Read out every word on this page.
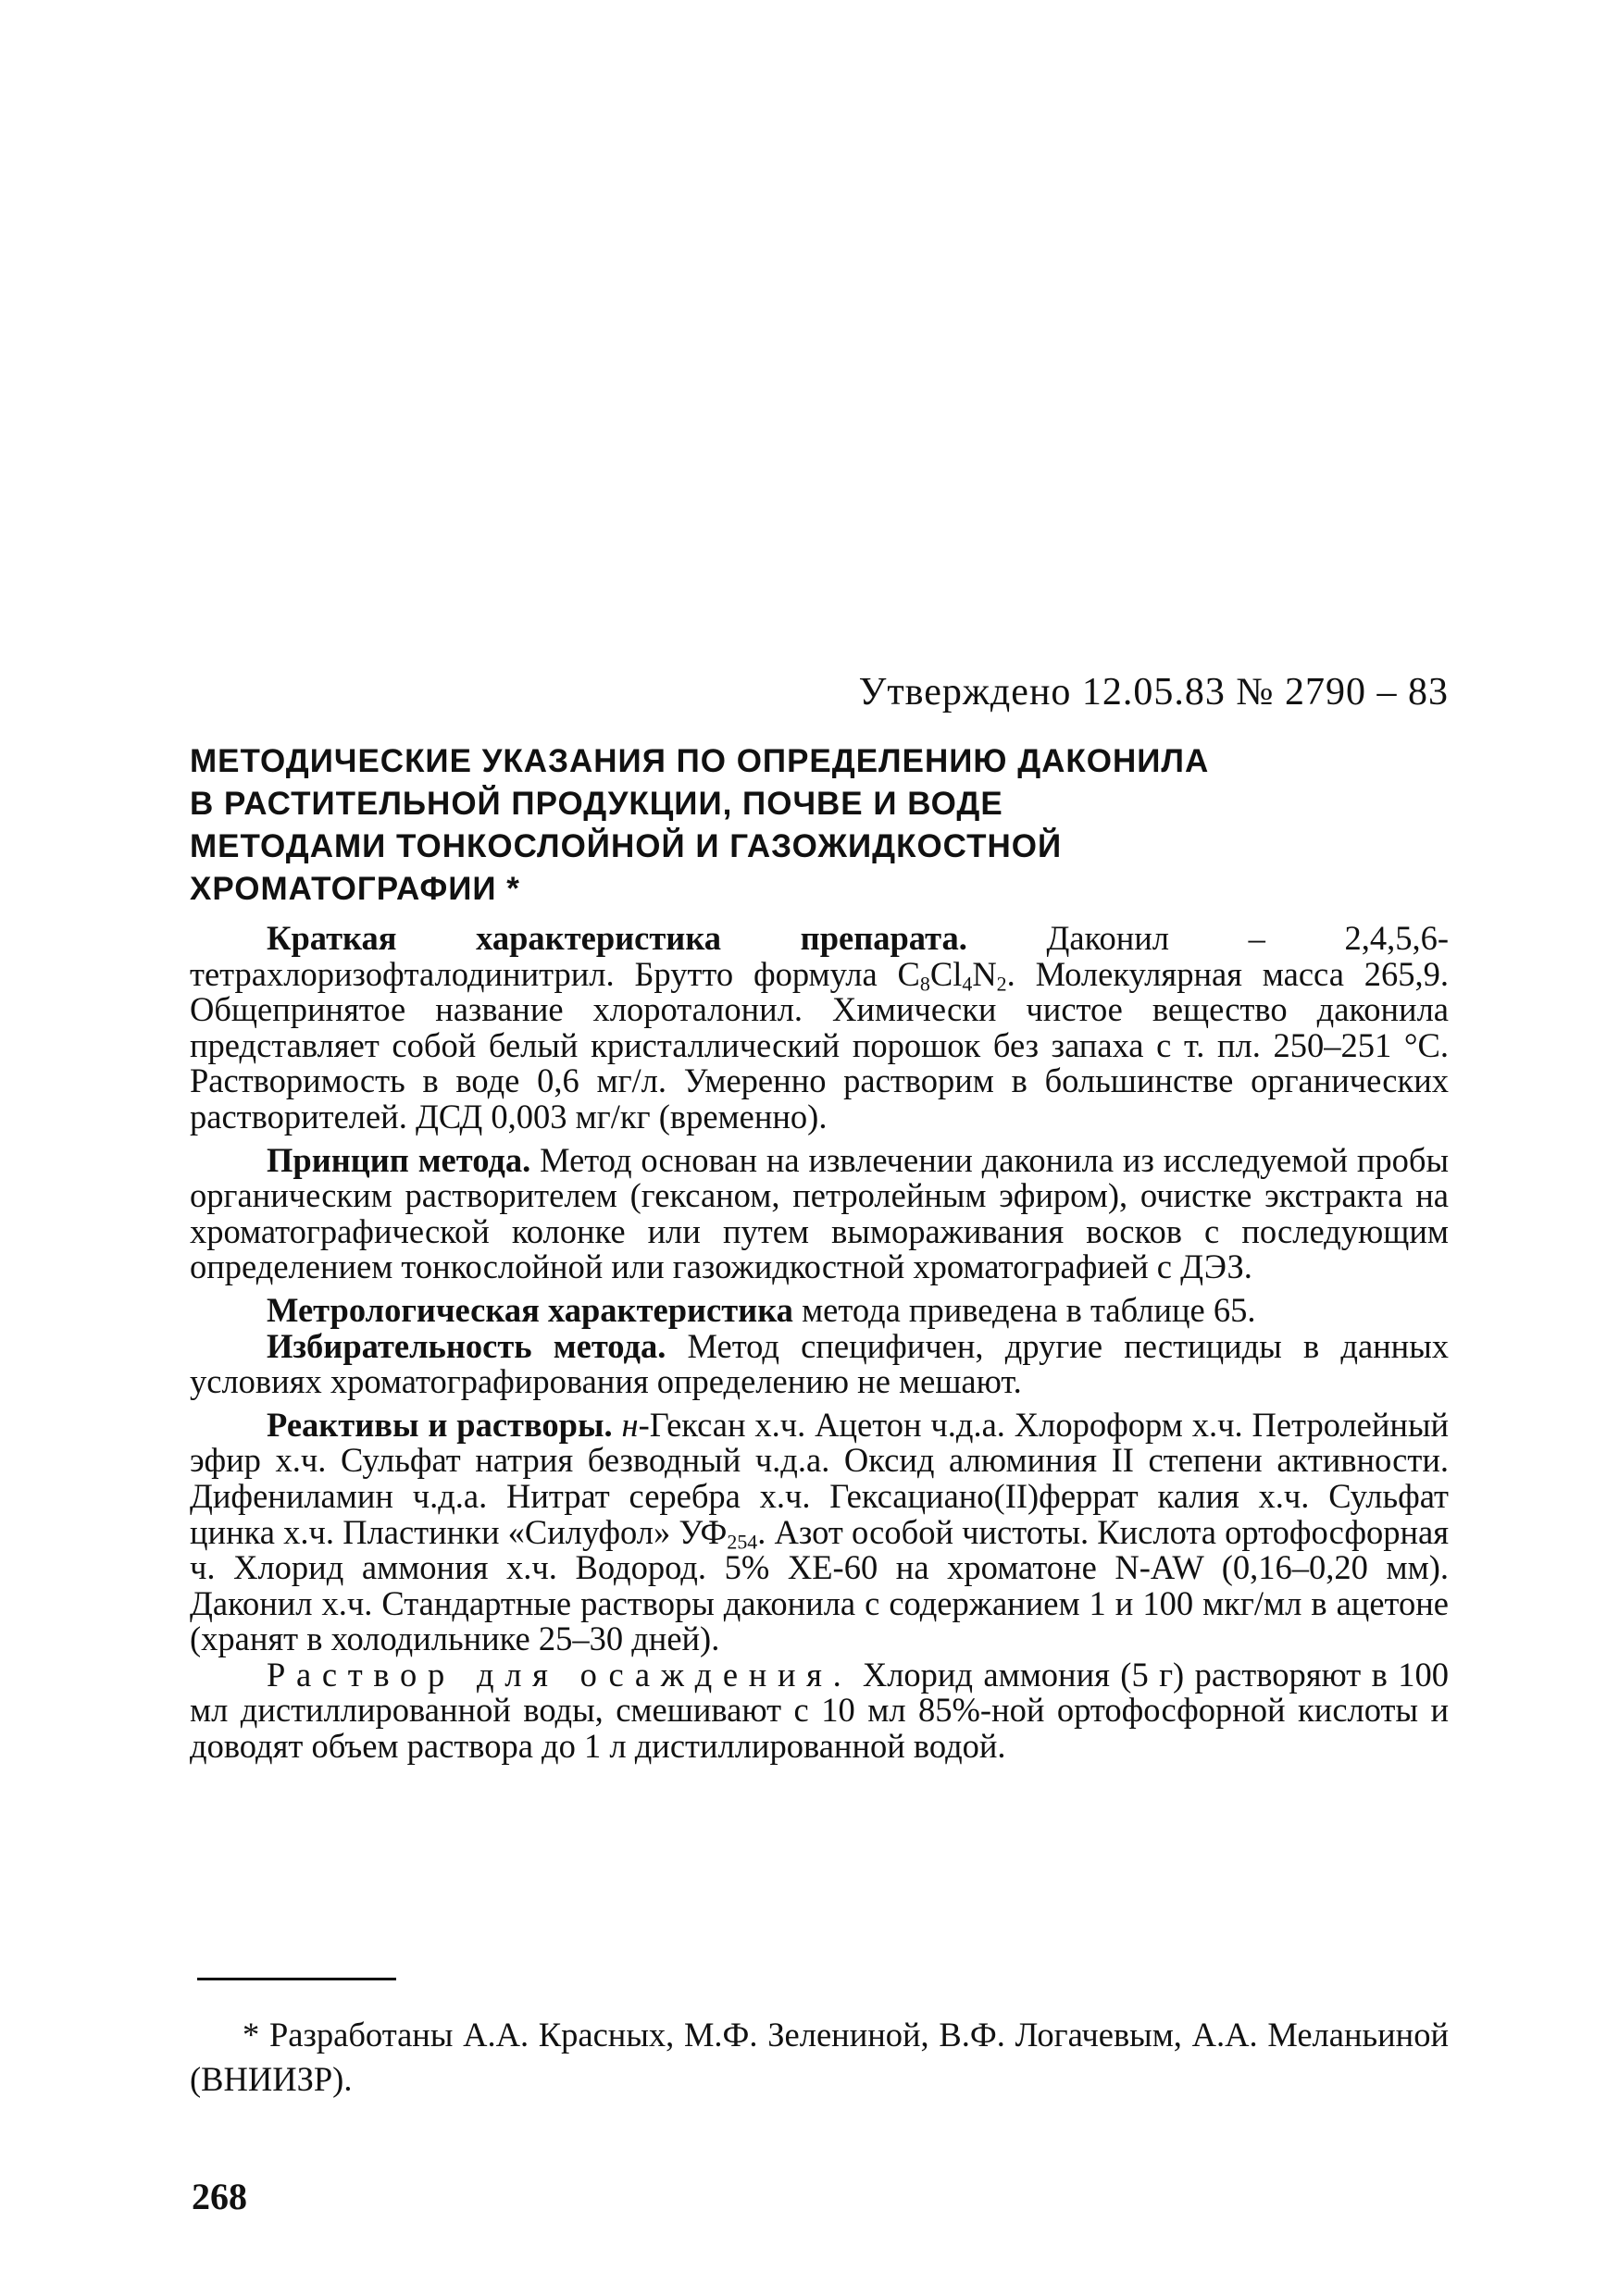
Утверждено 12.05.83 № 2790 – 83
МЕТОДИЧЕСКИЕ УКАЗАНИЯ ПО ОПРЕДЕЛЕНИЮ ДАКОНИЛА
В РАСТИТЕЛЬНОЙ ПРОДУКЦИИ, ПОЧВЕ И ВОДЕ
МЕТОДАМИ ТОНКОСЛОЙНОЙ И ГАЗОЖИДКОСТНОЙ
ХРОМАТОГРАФИИ *

Краткая характеристика препарата. Даконил – 2,4,5,6-тетрахлоризофталодинитрил. Брутто формула $C_8Cl_4N_2$. Молекулярная масса 265,9. Общепринятое название хлороталонил. Химически чистое вещество даконила представляет собой белый кристаллический порошок без запаха с т. пл. 250–251 °С. Растворимость в воде 0,6 мг/л. Умеренно растворим в большинстве органических растворителей. ДСД 0,003 мг/кг (временно).

Принцип метода. Метод основан на извлечении даконила из исследуемой пробы органическим растворителем (гексаном, петролейным эфиром), очистке экстракта на хроматографической колонке или путем вымораживания восков с последующим определением тонкослойной или газожидкостной хроматографией с ДЭЗ.

Метрологическая характеристика метода приведена в таблице 65.

Избирательность метода. Метод специфичен, другие пестициды в данных условиях хроматографирования определению не мешают.

Реактивы и растворы. н-Гексан х.ч. Ацетон ч.д.а. Хлороформ х.ч. Петролейный эфир х.ч. Сульфат натрия безводный ч.д.а. Оксид алюминия II степени активности. Дифениламин ч.д.а. Нитрат серебра х.ч. Гексациано(II)феррат калия х.ч. Сульфат цинка х.ч. Пластинки «Силуфол» $УФ_{254}$. Азот особой чистоты. Кислота ортофосфорная ч. Хлорид аммония х.ч. Водород. 5% ХЕ-60 на хроматоне N-AW (0,16–0,20 мм). Даконил х.ч. Стандартные растворы даконила с содержанием 1 и 100 мкг/мл в ацетоне (хранят в холодильнике 25–30 дней).

Раствор для осаждения. Хлорид аммония (5 г) растворяют в 100 мл дистиллированной воды, смешивают с 10 мл 85%-ной ортофосфорной кислоты и доводят объем раствора до 1 л дистиллированной водой.

* Разработаны А.А. Красных, М.Ф. Зелениной, В.Ф. Логачевым, А.А. Меланьиной (ВНИИЗР).

268
